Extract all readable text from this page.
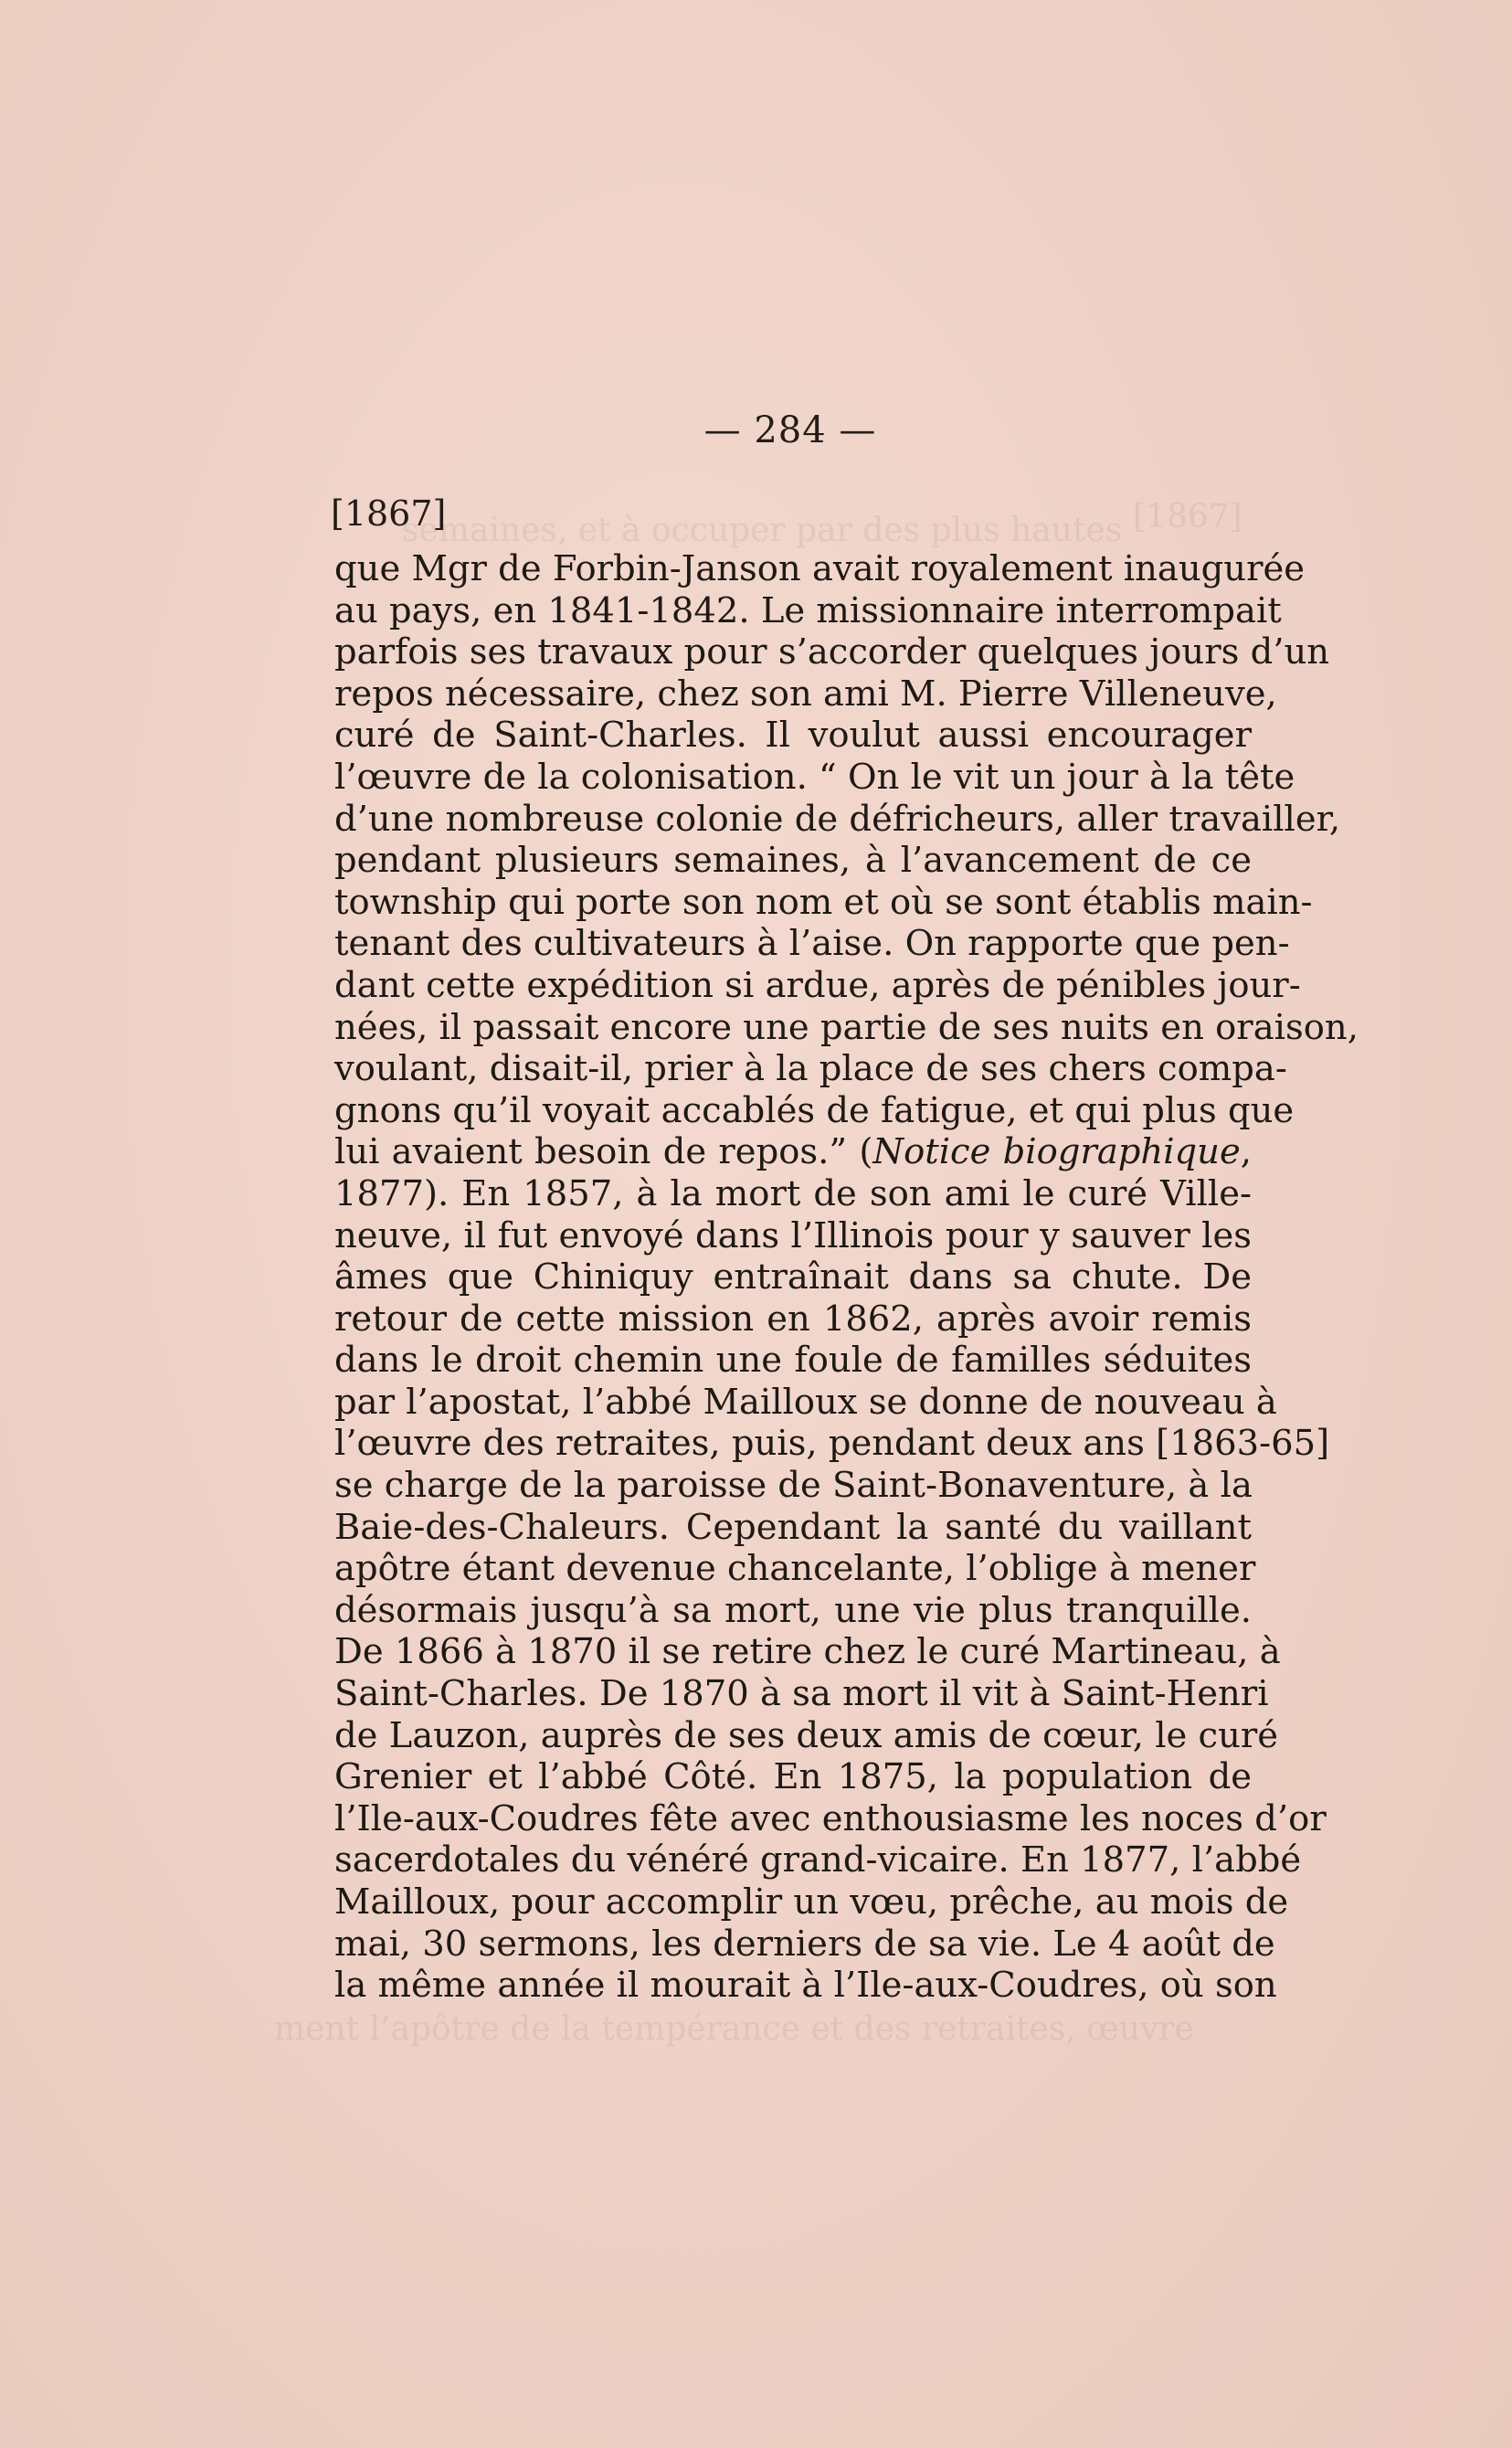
[1867]
semaines, et à occuper par des plus hautes
ment l’apôtre de la tempérance et des retraites, œuvre
— 284 —
[1867]
que Mgr de Forbin-Janson avait royalement inaugurée
au pays, en 1841-1842. Le missionnaire interrompait
parfois ses travaux pour s’accorder quelques jours d’un
repos nécessaire, chez son ami M. Pierre Villeneuve,
curé de Saint-Charles. Il voulut aussi encourager
l’œuvre de la colonisation. “ On le vit un jour à la tête
d’une nombreuse colonie de défricheurs, aller travailler,
pendant plusieurs semaines, à l’avancement de ce
township qui porte son nom et où se sont établis main-
tenant des cultivateurs à l’aise. On rapporte que pen-
dant cette expédition si ardue, après de pénibles jour-
nées, il passait encore une partie de ses nuits en oraison,
voulant, disait-il, prier à la place de ses chers compa-
gnons qu’il voyait accablés de fatigue, et qui plus que
lui avaient besoin de repos.” (Notice biographique,
1877). En 1857, à la mort de son ami le curé Ville-
neuve, il fut envoyé dans l’Illinois pour y sauver les
âmes que Chiniquy entraînait dans sa chute. De
retour de cette mission en 1862, après avoir remis
dans le droit chemin une foule de familles séduites
par l’apostat, l’abbé Mailloux se donne de nouveau à
l’œuvre des retraites, puis, pendant deux ans [1863-65]
se charge de la paroisse de Saint-Bonaventure, à la
Baie-des-Chaleurs. Cependant la santé du vaillant
apôtre étant devenue chancelante, l’oblige à mener
désormais jusqu’à sa mort, une vie plus tranquille.
De 1866 à 1870 il se retire chez le curé Martineau, à
Saint-Charles. De 1870 à sa mort il vit à Saint-Henri
de Lauzon, auprès de ses deux amis de cœur, le curé
Grenier et l’abbé Côté. En 1875, la population de
l’Ile-aux-Coudres fête avec enthousiasme les noces d’or
sacerdotales du vénéré grand-vicaire. En 1877, l’abbé
Mailloux, pour accomplir un vœu, prêche, au mois de
mai, 30 sermons, les derniers de sa vie. Le 4 août de
la même année il mourait à l’Ile-aux-Coudres, où son
